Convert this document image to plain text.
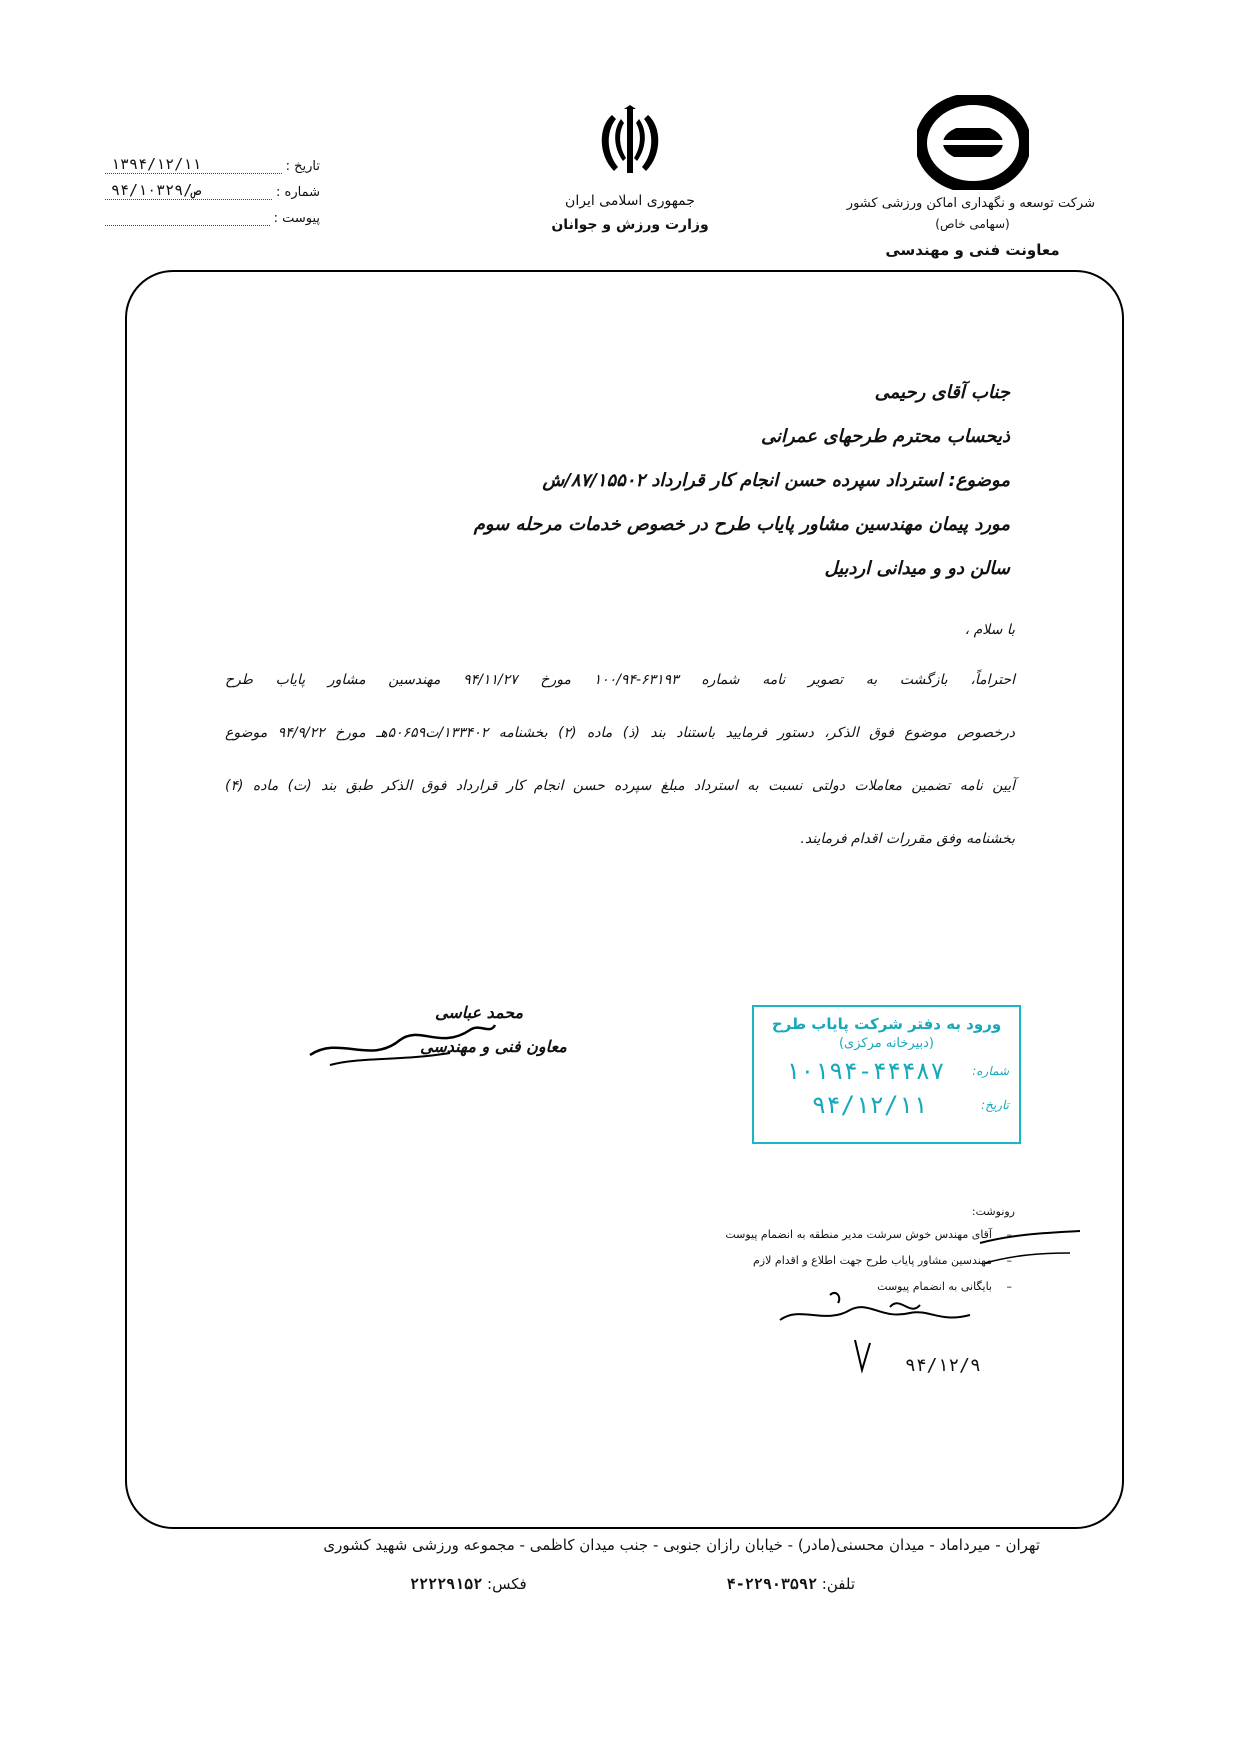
شرکت توسعه و نگهداری اماکن ورزشی کشور
(سهامی خاص)
معاونت فنی و مهندسی
جمهوری اسلامی ایران
وزارت ورزش و جوانان
تاریخ :
۱۳۹۴/۱۲/۱۱
شماره :
۹۴/ص/۱۰۳۲۹
پیوست :
جناب آقای رحیمی
ذیحساب محترم طرحهای عمرانی
موضوع: استرداد سپرده حسن انجام کار قرارداد ۸۷/۱۵۵۰۲/ش
مورد پیمان مهندسین مشاور پایاب طرح در خصوص خدمات مرحله سوم
سالن دو و میدانی اردبیل
با سلام ،
احتراماً، بازگشت به تصویر نامه شماره ۶۳۱۹۳-۱۰۰/۹۴ مورخ ۹۴/۱۱/۲۷ مهندسین مشاور پایاب طرح
درخصوص موضوع فوق الذکر، دستور فرمایید باستناد بند (ذ) ماده (۲) بخشنامه ۱۳۳۴۰۲/ت۵۰۶۵۹هـ مورخ ۹۴/۹/۲۲ موضوع
آیین نامه تضمین معاملات دولتی نسبت به استرداد مبلغ سپرده حسن انجام کار قرارداد فوق الذکر طبق بند (ت) ماده (۴)
بخشنامه وفق مقررات اقدام فرمایند.
محمد عباسی
معاون فنی و مهندسی
ورود به دفتر شرکت پایاب طرح
(دبیرخانه مرکزی)
شماره:
۱۰۱۹۴-۴۴۴۸۷
تاریخ:
۹۴/۱۲/۱۱
رونوشت:
–
آقای مهندس خوش سرشت مدیر منطقه به انضمام پیوست
–
مهندسین مشاور پایاب طرح جهت اطلاع و اقدام لازم
–
بایگانی به انضمام پیوست
۹۴/۱۲/۹
تهران - میرداماد - میدان محسنی(مادر) - خیابان رازان جنوبی - جنب میدان کاظمی - مجموعه ورزشی شهید کشوری
تلفن: ۲۲۹۰۳۵۹۲-۴
فکس: ۲۲۲۲۹۱۵۲
